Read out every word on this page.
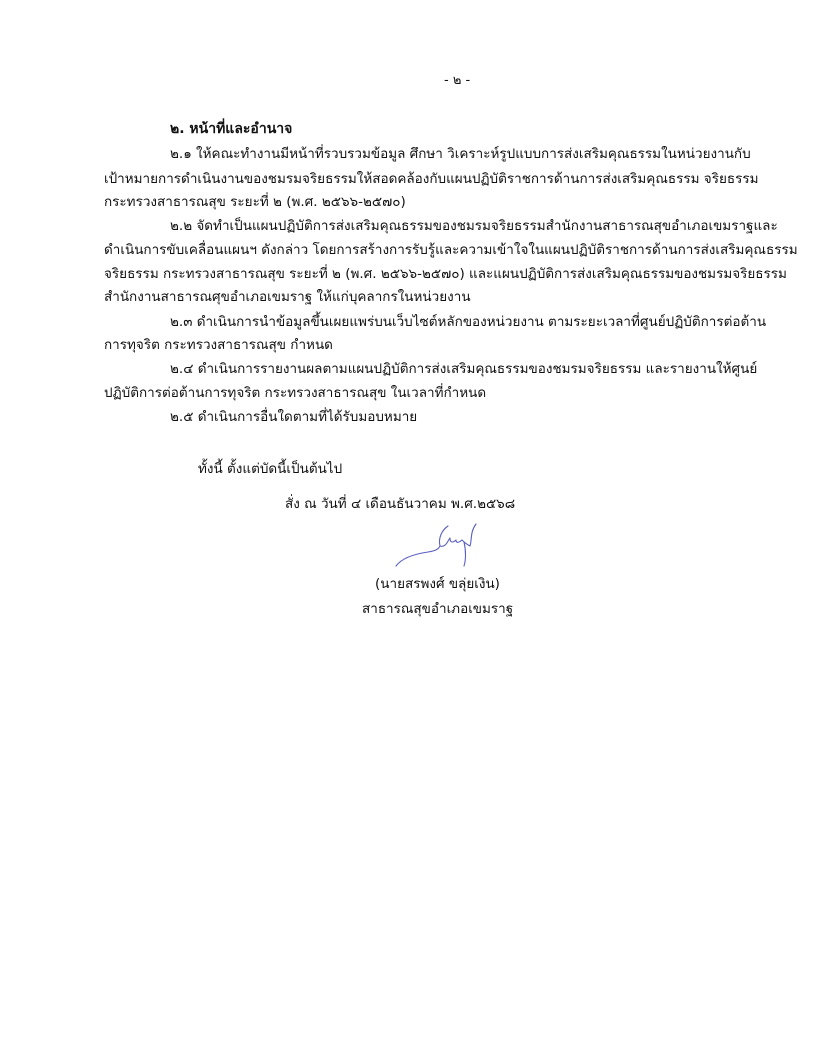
- ๒ -
๒. หน้าที่และอำนาจ
๒.๑ ให้คณะทำงานมีหน้าที่รวบรวมข้อมูล ศึกษา วิเคราะห์รูปแบบการส่งเสริมคุณธรรมในหน่วยงานกับ
เป้าหมายการดำเนินงานของชมรมจริยธรรมให้สอดคล้องกับแผนปฏิบัติราชการด้านการส่งเสริมคุณธรรม จริยธรรม
กระทรวงสาธารณสุข ระยะที่ ๒ (พ.ศ. ๒๕๖๖-๒๕๗๐)
๒.๒ จัดทำเป็นแผนปฏิบัติการส่งเสริมคุณธรรมของชมรมจริยธรรมสำนักงานสาธารณสุขอำเภอเขมราฐและ
ดำเนินการขับเคลื่อนแผนฯ ดังกล่าว โดยการสร้างการรับรู้และความเข้าใจในแผนปฏิบัติราชการด้านการส่งเสริมคุณธรรม
จริยธรรม กระทรวงสาธารณสุข ระยะที่ ๒ (พ.ศ. ๒๕๖๖-๒๕๗๐) และแผนปฏิบัติการส่งเสริมคุณธรรมของชมรมจริยธรรม
สำนักงานสาธารณศุขอำเภอเขมราฐ ให้แก่บุคลากรในหน่วยงาน
๒.๓ ดำเนินการนำข้อมูลขึ้นเผยแพร่บนเว็บไซต์หลักของหน่วยงาน ตามระยะเวลาที่ศูนย์ปฏิบัติการต่อต้าน
การทุจริต กระทรวงสาธารณสุข กำหนด
๒.๔ ดำเนินการรายงานผลตามแผนปฏิบัติการส่งเสริมคุณธรรมของชมรมจริยธรรม และรายงานให้ศูนย์
ปฏิบัติการต่อต้านการทุจริต กระทรวงสาธารณสุข ในเวลาที่กำหนด
๒.๕ ดำเนินการอื่นใดตามที่ได้รับมอบหมาย
ทั้งนี้ ตั้งแต่บัดนี้เป็นต้นไป
สั่ง ณ วันที่ ๔ เดือนธันวาคม พ.ศ.๒๕๖๘
(นายสรพงศ์ ขลุ่ยเงิน)
สาธารณสุขอำเภอเขมราฐ
